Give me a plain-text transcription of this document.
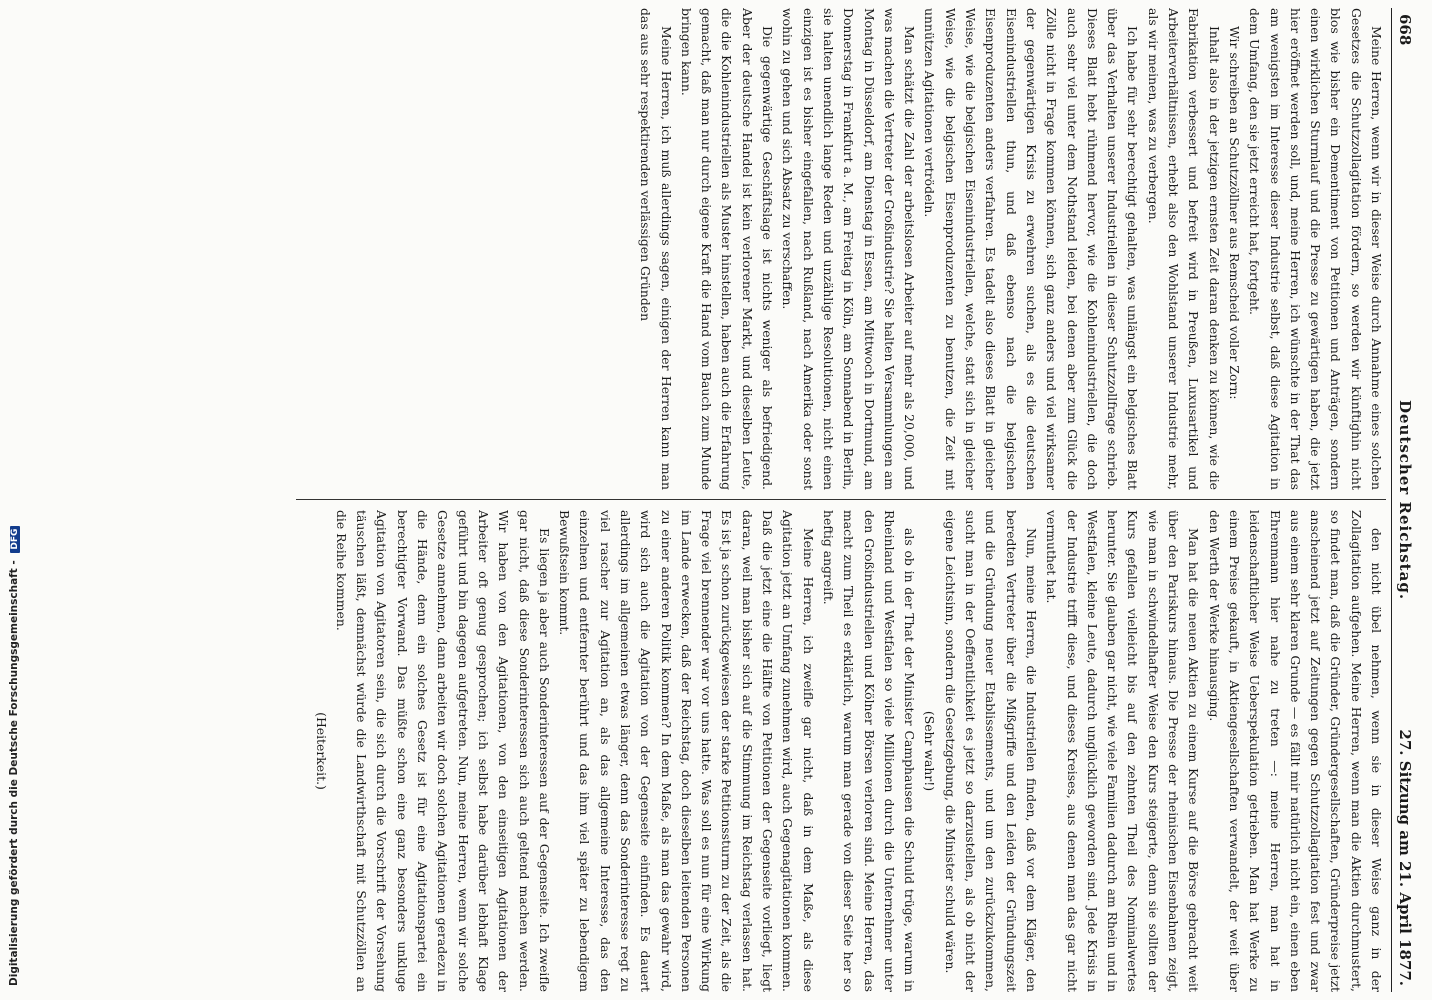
668
Deutscher Reichstag.
27. Sitzung am 21. April 1877.

Meine Herren, wenn wir in dieser Weise durch Annahme eines solchen Gesetzes die Schutzzollagitation fördern, so werden wir künftighin nicht blos wie bisher ein Dementiment von Petitionen und Anträgen, sondern einen wirklichen Sturmlauf und die Presse zu gewärtigen haben, die jetzt hier eröffnet werden soll, und, meine Herren, ich wünschte in der That das am wenigsten im Interesse dieser Industrie selbst, daß diese Agitation in dem Umfang, den sie jetzt erreicht hat, fortgeht.

Wir schreiben an Schutzzöllner aus Remscheid voller Zorn:

Inhalt also in der jetzigen ernsten Zeit daran denken zu können, wie die Fabrikation verbessert und befreit wird in Preußen, Luxusartikel und Arbeiterverhältnissen, erhebt also den Wohlstand unserer Industrie mehr, als wir meinen, was zu verbergen.

Ich habe für sehr berechtigt gehalten, was unlängst ein belgisches Blatt über das Verhalten unserer Industriellen in dieser Schutzzollfrage schrieb. Dieses Blatt hebt rühmend hervor, wie die Kohlenindustriellen, die doch auch sehr viel unter dem Nothstand leiden, bei denen aber zum Glück die Zölle nicht in Frage kommen können, sich ganz anders und viel wirksamer der gegenwärtigen Krisis zu erwehren suchen, als es die deutschen Eisenindustriellen thun, und daß ebenso nach die belgischen Eisenproduzenten anders verfahren. Es tadelt also dieses Blatt in gleicher Weise, wie die belgischen Eisenindustriellen, welche, statt sich in gleicher Weise, wie die belgischen Eisenproduzenten zu benutzen, die Zeit mit unnützen Agitationen vertrödeln.

Man schätzt die Zahl der arbeitslosen Arbeiter auf mehr als 20,000, und was machen die Vertreter der Großindustrie? Sie halten Versammlungen am Montag in Düsseldorf, am Dienstag in Essen, am Mittwoch in Dortmund, am Donnerstag in Frankfurt a. M., am Freitag in Köln, am Sonnabend in Berlin, sie halten unendlich lange Reden und unzählige Resolutionen, nicht einen einzigen ist es bisher eingefallen, nach Rußland, nach Amerika oder sonst wohin zu gehen und sich Absatz zu verschaffen.

Die gegenwärtige Geschäftslage ist nichts weniger als befriedigend. Aber der deutsche Handel ist kein verlorener Markt, und dieselben Leute, die die Kohlenindustriellen als Muster hinstellen, haben auch die Erfahrung gemacht, daß man nur durch eigene Kraft die Hand vom Bauch zum Munde bringen kann.

Meine Herren, ich muß allerdings sagen, einigen der Herren kann man das aus sehr respektirenden verlässigen Gründen

den nicht übel nehmen, wenn sie in dieser Weise ganz in der Zollagitation aufgehen. Meine Herren, wenn man die Aktien durchmustert, so findet man, daß die Gründer, Gründergesellschaften, Gründerpreise jetzt anscheinend jetzt auf Zeitungen gegen Schutzzollagitation fest und zwar aus einem sehr klaren Grunde — es fällt mir natürlich nicht ein, einen eben Ehrenmann hier nahe zu treten —: meine Herren, man hat in leidenschaftlicher Weise Ueberspekulation getrieben. Man hat Werke zu einem Preise gekauft, in Aktiengesellschaften verwandelt, der weit über den Werth der Werke hinausging.

Man hat die neuen Aktien zu einem Kurse auf die Börse gebracht weit über den Pariskurs hinaus. Die Presse der rheinischen Eisenbahnen zeigt, wie man in schwindelhafter Weise den Kurs steigerte, denn sie sollten der Kurs gefallen vielleicht bis auf den zehnten Theil des Nominalwertes herunter. Sie glauben gar nicht, wie viele Familien dadurch am Rhein und in Westfalen, kleine Leute, dadurch unglücklich geworden sind. Jede Krisis in der Industrie trifft diese, und dieses Kreises, aus denen man das gar nicht vermuthet hat.

Nun, meine Herren, die Industriellen finden, daß vor dem Kläger, den beredten Vertreter über die Mißgriffe und den Leiden der Gründungszeit und die Gründung neuer Etablissements, und um den zurückzukommen, sucht man in der Oeffentlichkeit es jetzt so darzustellen, als ob nicht der eigene Leichtsinn, sondern die Gesetzgebung, die Minister schuld wären.

(Sehr wahr!)

als ob in der That der Minister Camphausen die Schuld trüge, warum in Rheinland und Westfalen so viele Millionen durch die Unternehmer unter den Großindustriellen und Kölner Börsen verloren sind. Meine Herren, das macht zum Theil es erklärlich, warum man gerade von dieser Seite her so heftig angreift.

Meine Herren, ich zweifle gar nicht, daß in dem Maße, als diese Agitation jetzt an Umfang zunehmen wird, auch Gegenagitationen kommen. Daß die jetzt eine die Hälfte von Petitionen der Gegenseite vorliegt, liegt daran, weil man bisher sich auf die Stimmung im Reichstag verlassen hat. Es ist ja schon zurückgewiesen der starke Petitionssturm zu der Zeit, als die Frage viel brennender war vor uns hatte. Was soll es nun für eine Wirkung im Lande erwecken, daß der Reichstag, doch dieselben leitenden Personen zu einer anderen Politik kommen? In dem Maße, als man das gewahr wird, wird sich auch die Agitation von der Gegenseite einfinden. Es dauert allerdings im allgemeinen etwas länger, denn das Sonderinteresse regt zu viel rascher zur Agitation an, als das allgemeine Interesse, das den einzelnen und entfernter berührt und das ihm viel später zu lebendigem Bewußtsein kommt.

Es liegen ja aber auch Sonderinteressen auf der Gegenseite. Ich zweifle gar nicht, daß diese Sonderinteressen sich auch geltend machen werden. Wir haben von den Agitationen, von den einseitigen Agitationen der Arbeiter oft genug gesprochen; ich selbst habe darüber lebhaft Klage geführt und bin dagegen aufgetreten. Nun, meine Herren, wenn wir solche Gesetze annehmen, dann arbeiten wir doch solchen Agitationen geradezu in die Hände, denn ein solches Gesetz ist für eine Agitationspartei ein berechtigter Vorwand. Das müßte schon eine ganz besonders unkluge Agitation von Agitatoren sein, die sich durch die Vorschrift der Vorsehung täuschen läßt, demnächst würde die Landwirthschaft mit Schutzzöllen an die Reihe kommen.

(Heiterkeit.)

Digitalisierung gefördert durch die Deutsche Forschungsgemeinschaft - DFG
